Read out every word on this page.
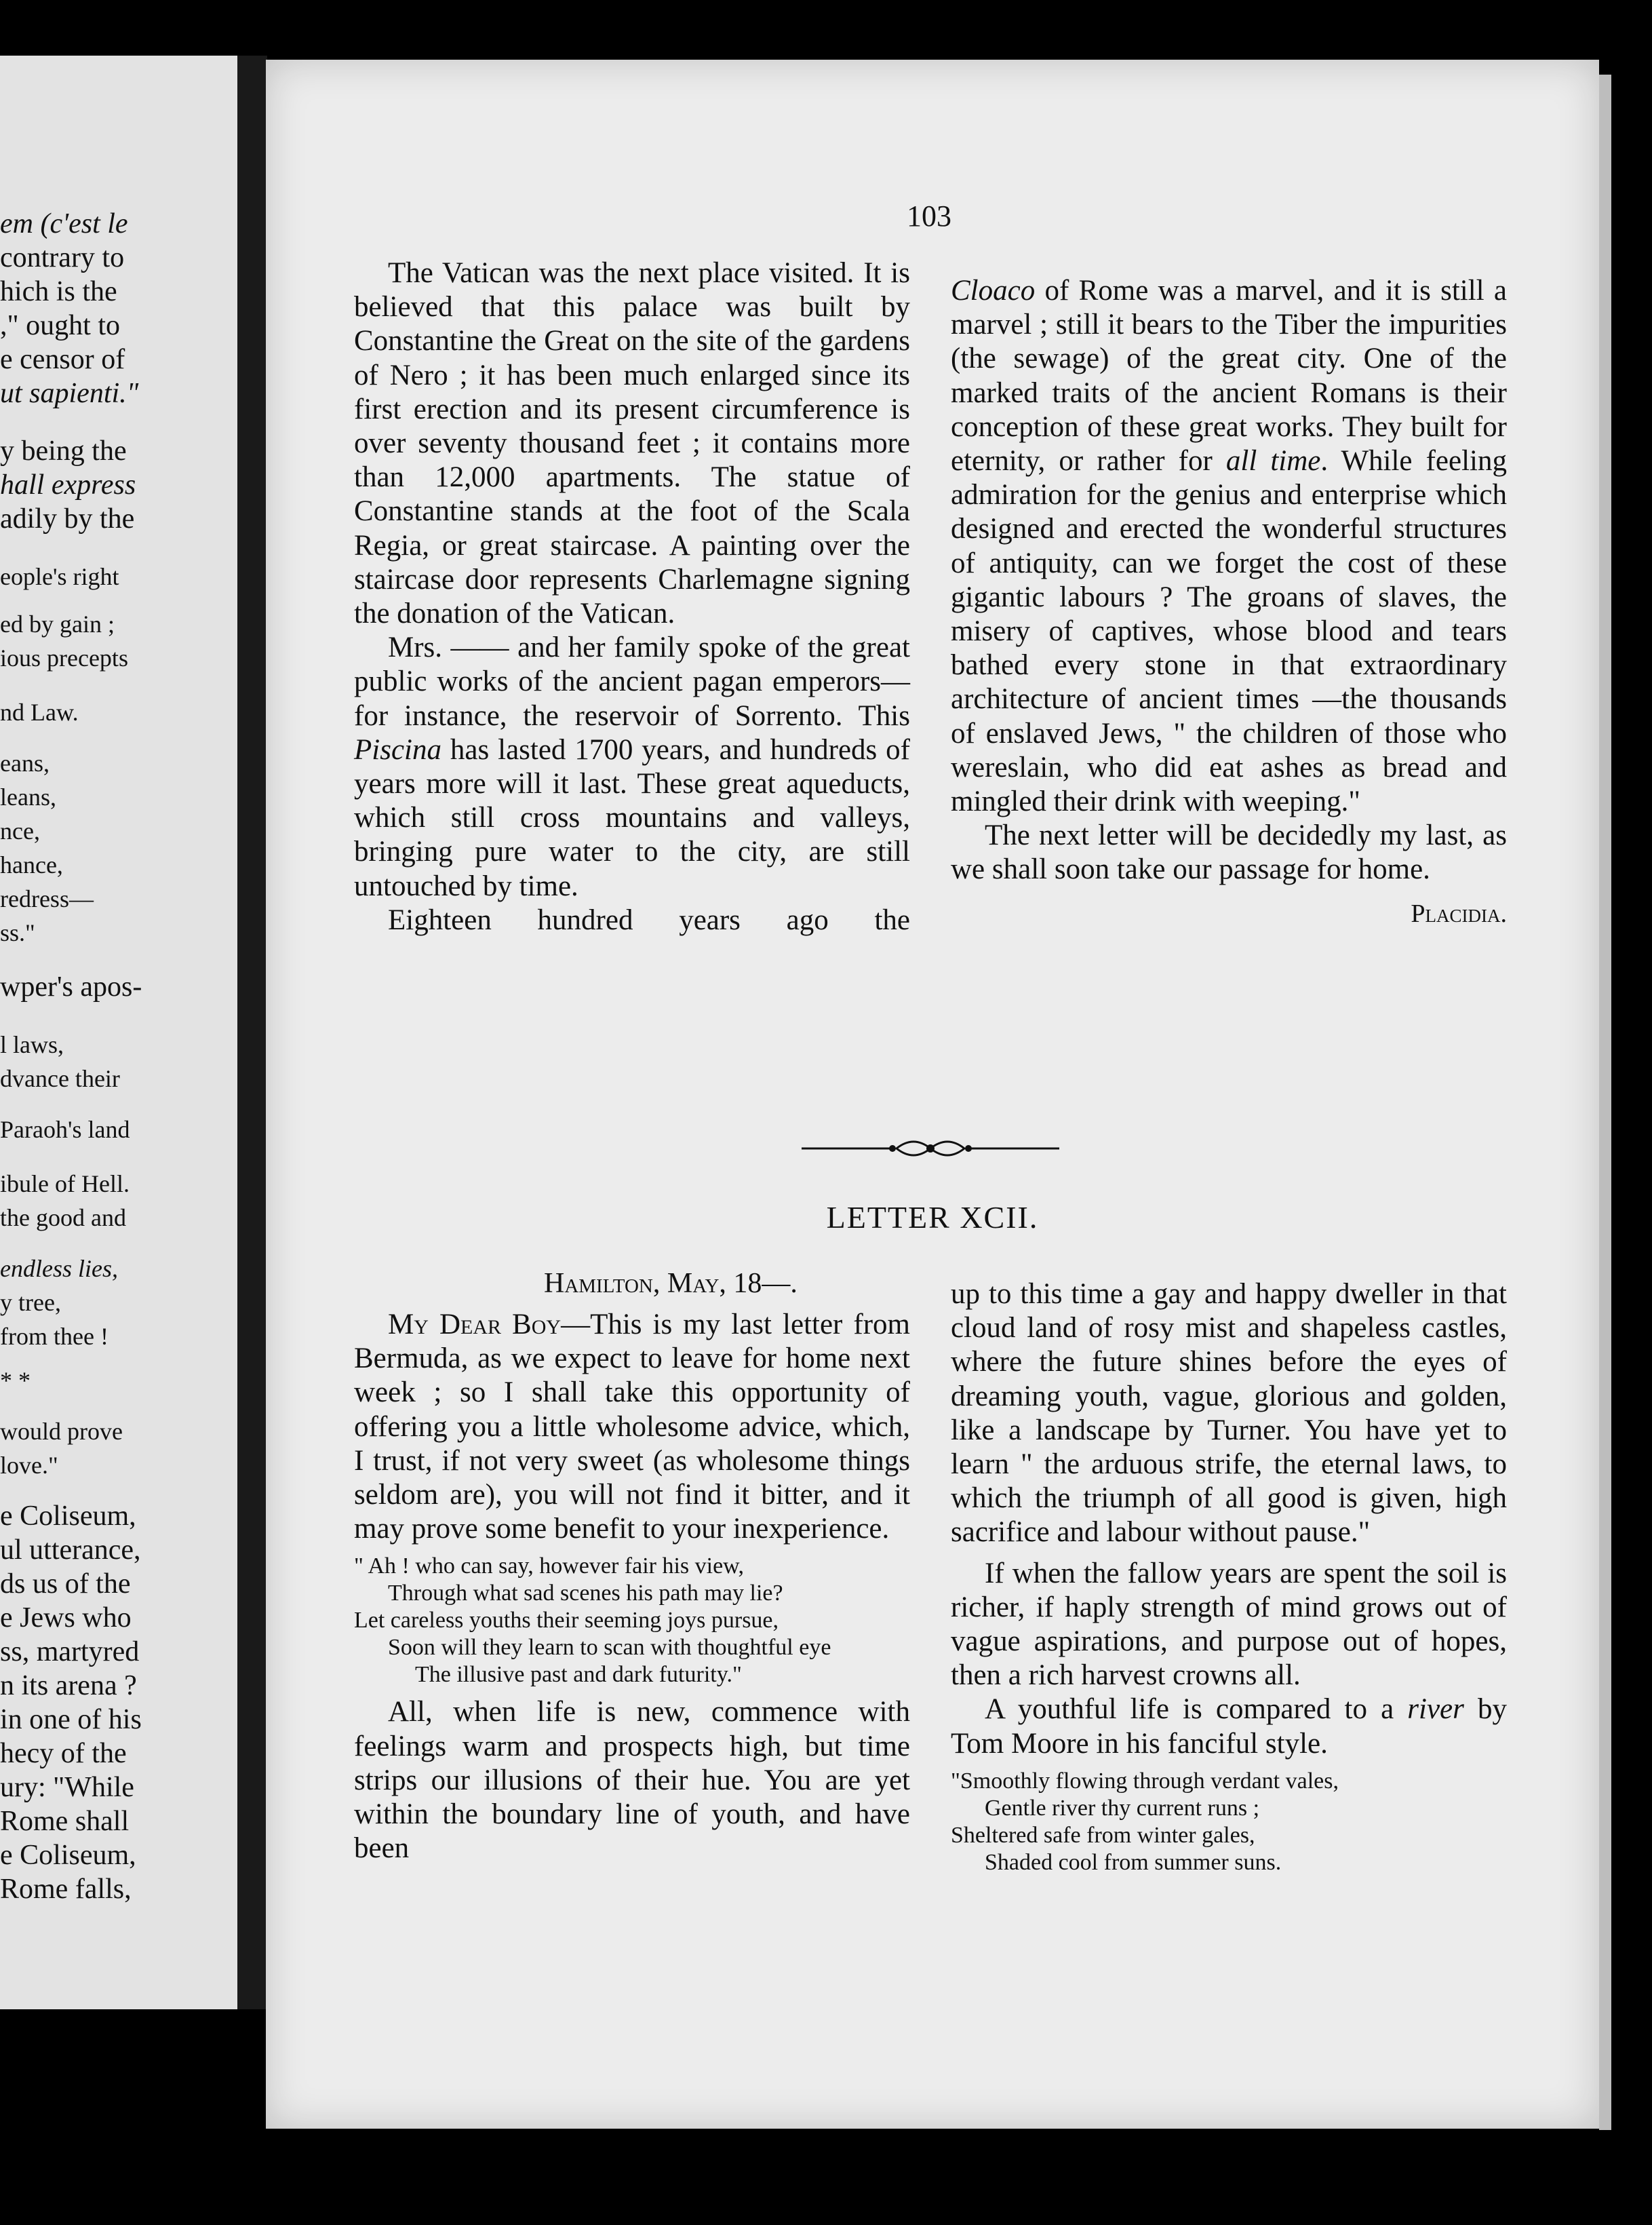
em (c'est le
contrary to
hich is the
," ought to
e censor of
ut sapienti."
y being the
hall express
adily by the
eople's right
ed by gain ;
ious precepts
nd Law.
eans,
leans,
nce,
hance,
redress—
ss."
wper's apos-
l laws,
dvance their
Paraoh's land
ibule of Hell.
the good and
endless lies,
y tree,
from thee !
* *
would prove
love."
e Coliseum,
ul utterance,
ds us of the
e Jews who
ss, martyred
n its arena ?
in one of his
hecy of the
ury: "While
Rome shall
e Coliseum,
Rome falls,
103

The Vatican was the next place visited. It is believed that this palace was built by Constantine the Great on the site of the gardens of Nero ; it has been much enlarged since its first erection and its present circumference is over seventy thousand feet ; it contains more than 12,000 apartments. The statue of Constantine stands at the foot of the Scala Regia, or great staircase. A painting over the staircase door represents Charlemagne signing the donation of the Vatican.

Mrs. —— and her family spoke of the great public works of the ancient pagan emperors—for instance, the reservoir of Sorrento. This Piscina has lasted 1700 years, and hundreds of years more will it last. These great aqueducts, which still cross mountains and valleys, bringing pure water to the city, are still untouched by time.

Eighteen hundred years ago the

Cloaco of Rome was a marvel, and it is still a marvel ; still it bears to the Tiber the impurities (the sewage) of the great city. One of the marked traits of the ancient Romans is their conception of these great works. They built for eternity, or rather for all time. While feeling admiration for the genius and enterprise which designed and erected the wonderful structures of antiquity, can we forget the cost of these gigantic labours ? The groans of slaves, the misery of captives, whose blood and tears bathed every stone in that extraordinary architecture of ancient times —the thousands of enslaved Jews, " the children of those who wereslain, who did eat ashes as bread and mingled their drink with weeping."

The next letter will be decidedly my last, as we shall soon take our passage for home.

Placidia.
LETTER XCII.
Hamilton, May, 18—.

My Dear Boy—This is my last letter from Bermuda, as we expect to leave for home next week ; so I shall take this opportunity of offering you a little wholesome advice, which, I trust, if not very sweet (as wholesome things seldom are), you will not find it bitter, and it may prove some benefit to your inexperience.

" Ah ! who can say, however fair his view,
Through what sad scenes his path may lie?
Let careless youths their seeming joys pursue,
Soon will they learn to scan with thoughtful eye
The illusive past and dark futurity."

All, when life is new, commence with feelings warm and prospects high, but time strips our illusions of their hue. You are yet within the boundary line of youth, and have been

up to this time a gay and happy dweller in that cloud land of rosy mist and shapeless castles, where the future shines before the eyes of dreaming youth, vague, glorious and golden, like a landscape by Turner. You have yet to learn " the arduous strife, the eternal laws, to which the triumph of all good is given, high sacrifice and labour without pause."

If when the fallow years are spent the soil is richer, if haply strength of mind grows out of vague aspirations, and purpose out of hopes, then a rich harvest crowns all.

A youthful life is compared to a river by Tom Moore in his fanciful style.

"Smoothly flowing through verdant vales,
Gentle river thy current runs ;
Sheltered safe from winter gales,
Shaded cool from summer suns.
